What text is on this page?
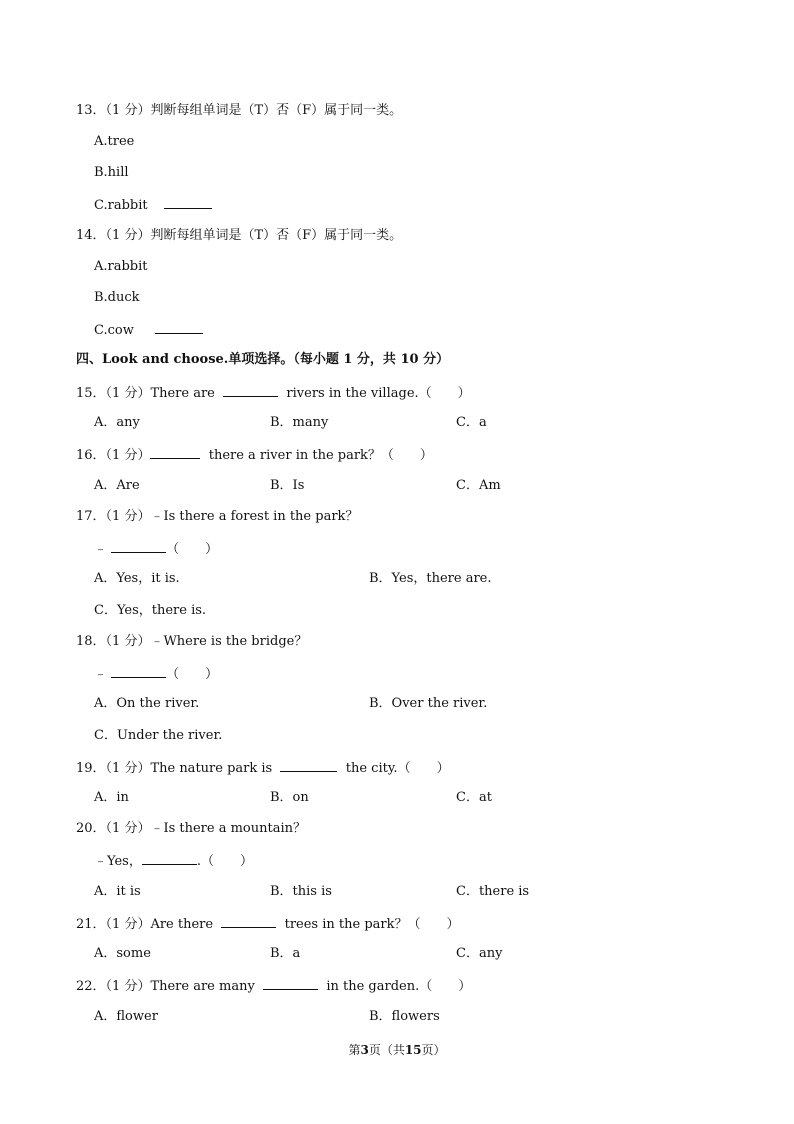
13．（1 分）判断每组单词是（T）否（F）属于同一类。
A.tree
B.hill
C.rabbit
14．（1 分）判断每组单词是（T）否（F）属于同一类。
A.rabbit
B.duck
C.cow
四、Look and choose.单项选择。（每小题 1 分，共 10 分）
15．（1 分）There are	rivers in the village.（　　）
A．any	B．many	C．a
16．（1 分）	there a river in the park？（　　）
A．Are	B．Is	C．Am
17．（1 分）﹣Is there a forest in the park？
﹣	（　　）
A．Yes，it is.	B．Yes，there are.
C．Yes，there is.
18．（1 分）﹣Where is the bridge？
﹣	（　　）
A．On the river.	B．Over the river.
C．Under the river.
19．（1 分）The nature park is	the city.（　　）
A．in	B．on	C．at
20．（1 分）﹣Is there a mountain？
﹣Yes，	.（　　）
A．it is	B．this is	C．there is
21．（1 分）Are there	trees in the park？（　　）
A．some	B．a	C．any
22．（1 分）There are many	in the garden.（　　）
A．flower	B．flowers
第3页（共15页）
